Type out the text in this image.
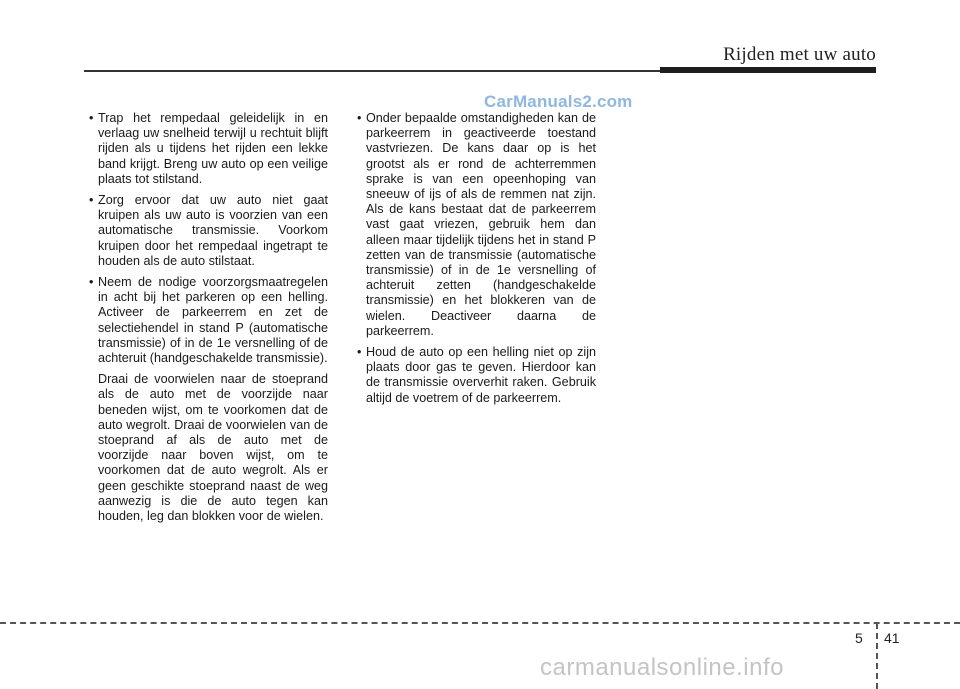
Rijden met uw auto
CarManuals2.com
• Trap het rempedaal geleidelijk in en verlaag uw snelheid terwijl u rechtuit blijft rijden als u tijdens het rijden een lekke band krijgt. Breng uw auto op een veilige plaats tot stilstand.
• Zorg ervoor dat uw auto niet gaat kruipen als uw auto is voorzien van een automatische transmissie. Voorkom kruipen door het rempedaal ingetrapt te houden als de auto stilstaat.
• Neem de nodige voorzorgsmaatregelen in acht bij het parkeren op een helling. Activeer de parkeerrem en zet de selectiehendel in stand P (automatische transmissie) of in de 1e versnelling of de achteruit (handgeschakelde transmissie).
Draai de voorwielen naar de stoeprand als de auto met de voorzijde naar beneden wijst, om te voorkomen dat de auto wegrolt. Draai de voorwielen van de stoeprand af als de auto met de voorzijde naar boven wijst, om te voorkomen dat de auto wegrolt. Als er geen geschikte stoeprand naast de weg aanwezig is die de auto tegen kan houden, leg dan blokken voor de wielen.
• Onder bepaalde omstandigheden kan de parkeerrem in geactiveerde toestand vastvriezen. De kans daar op is het grootst als er rond de achterremmen sprake is van een opeenhoping van sneeuw of ijs of als de remmen nat zijn. Als de kans bestaat dat de parkeerrem vast gaat vriezen, gebruik hem dan alleen maar tijdelijk tijdens het in stand P zetten van de transmissie (automatische transmissie) of in de 1e versnelling of achteruit zetten (handgeschakelde transmissie) en het blokkeren van de wielen. Deactiveer daarna de parkeerrem.
• Houd de auto op een helling niet op zijn plaats door gas te geven. Hierdoor kan de transmissie oververhit raken. Gebruik altijd de voetrem of de parkeerrem.
5 41
carmanualsonline.info
